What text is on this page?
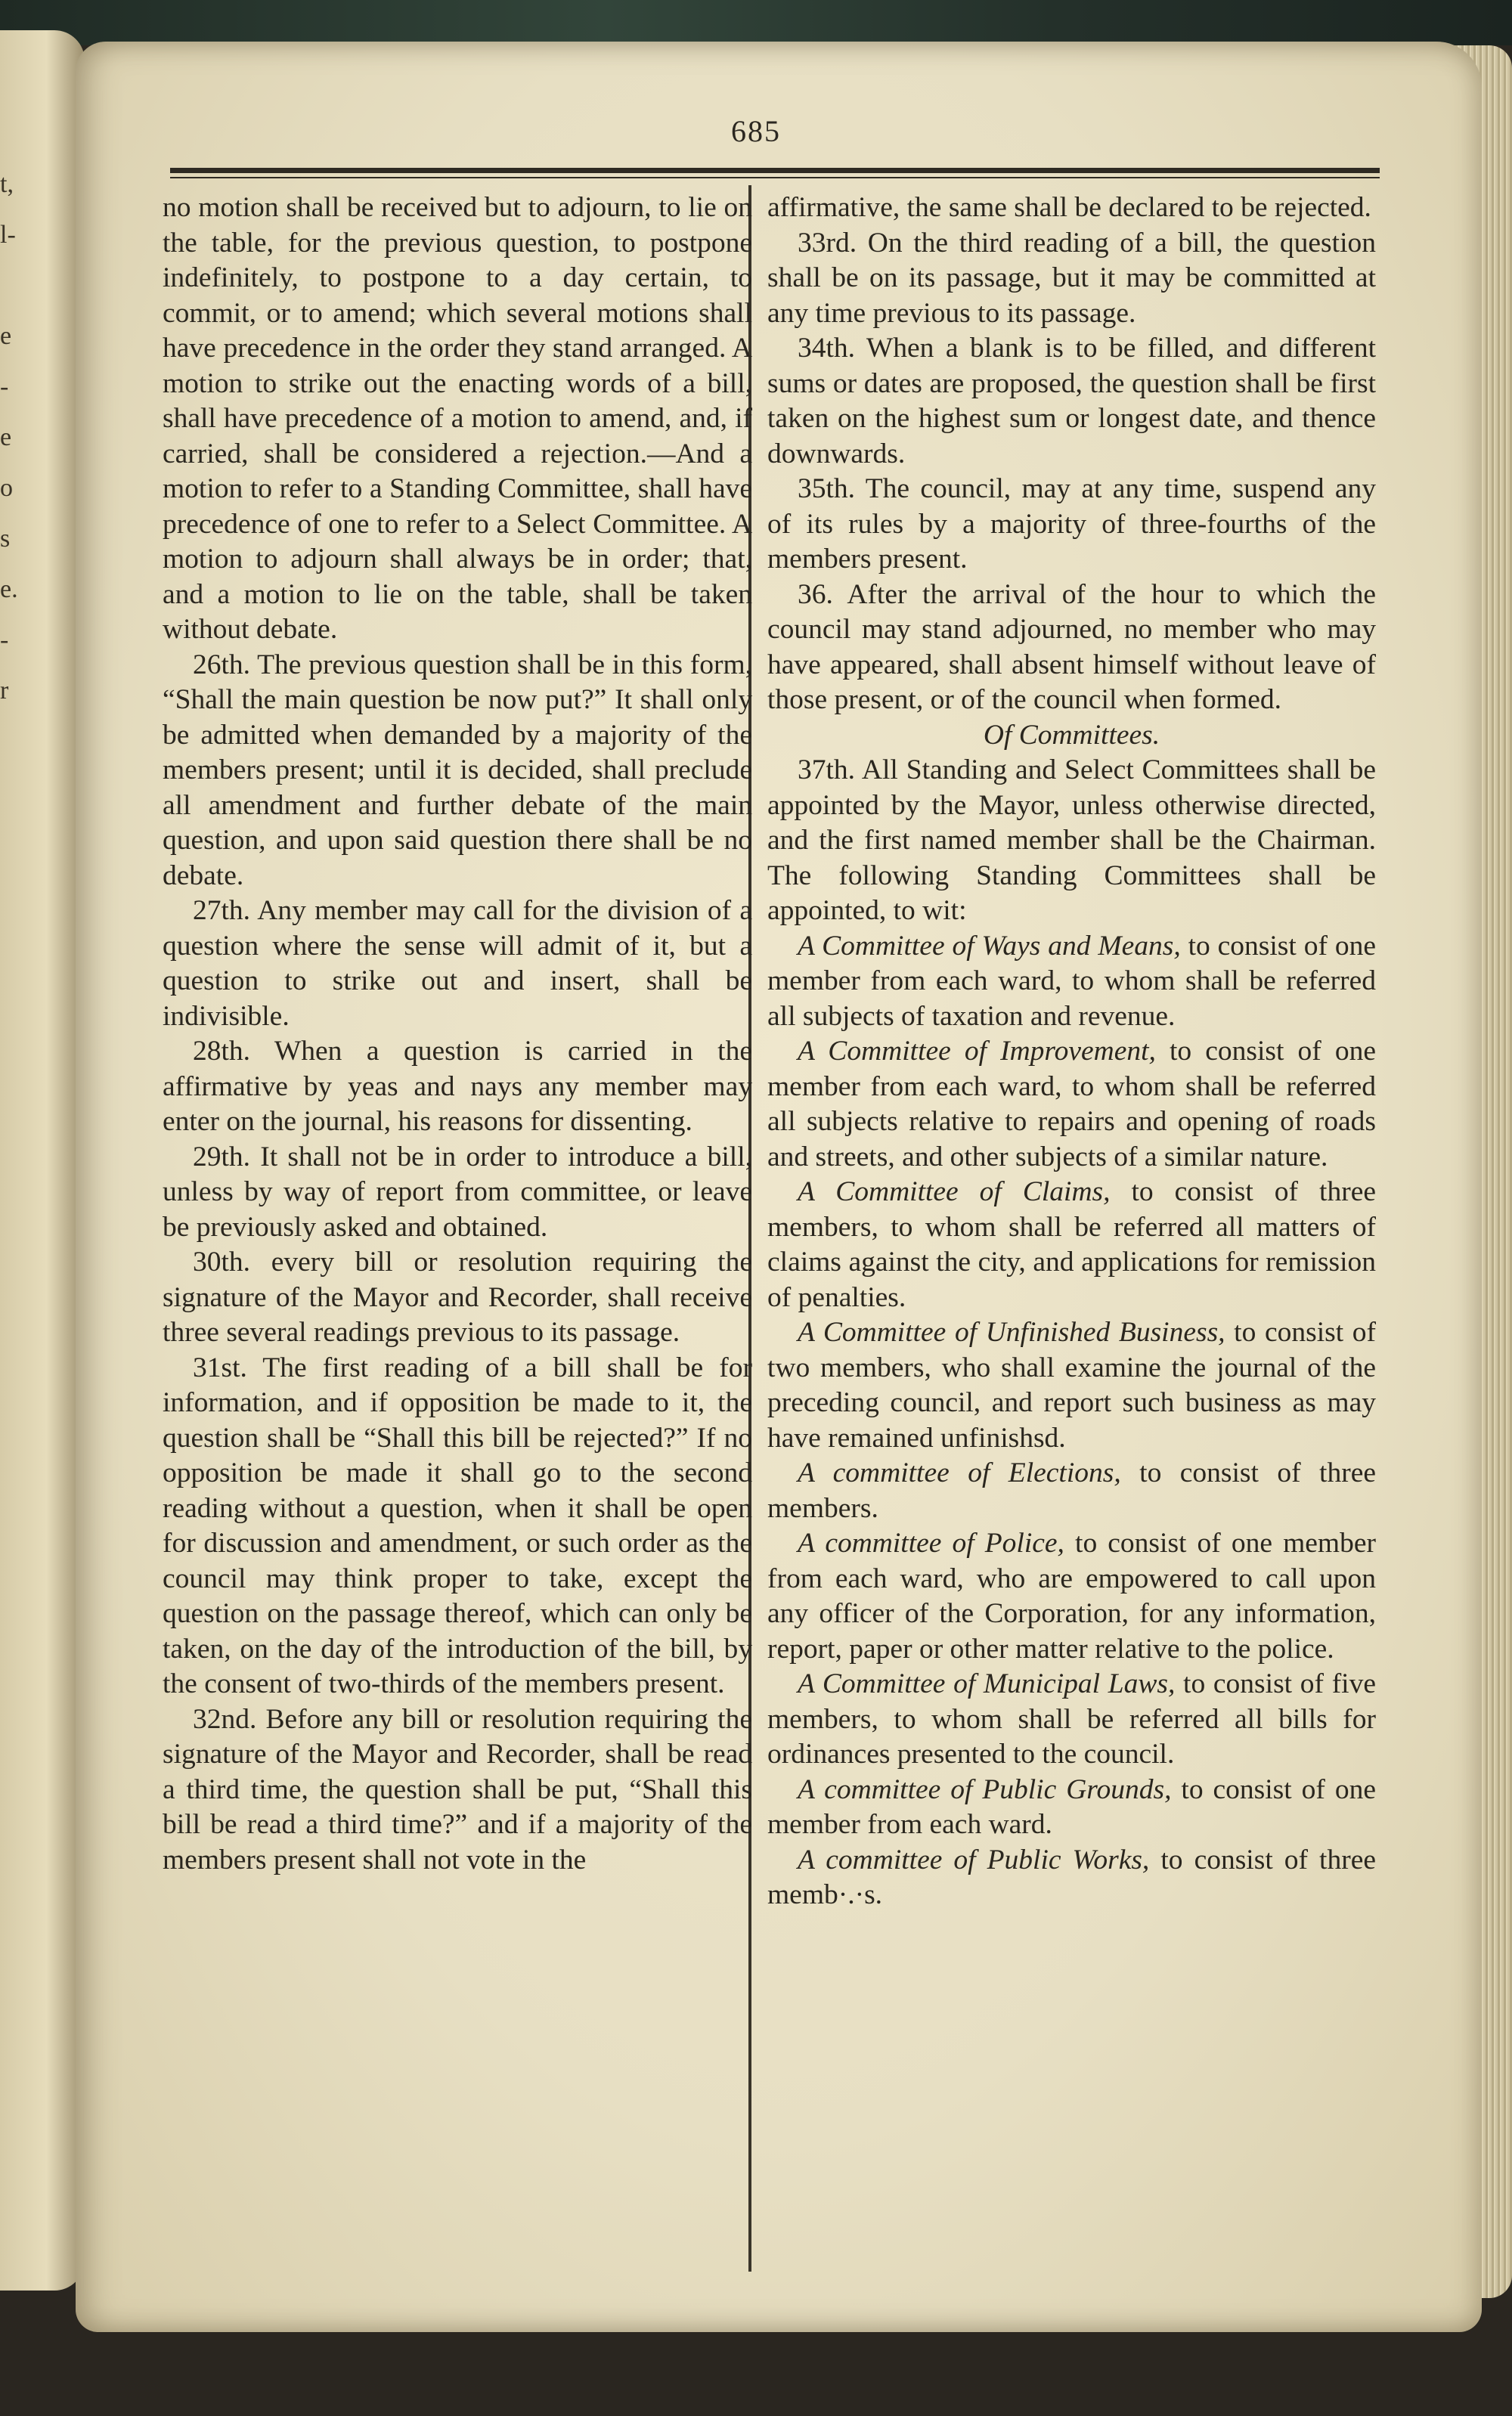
t,
l-
e
-
e
o
s
e.
-
r
685

no motion shall be received but to adjourn, to lie on the table, for the previous question, to postpone indefinitely, to postpone to a day certain, to commit, or to amend; which several motions shall have precedence in the order they stand arranged. A motion to strike out the enacting words of a bill, shall have precedence of a motion to amend, and, if carried, shall be considered a rejection.—And a motion to refer to a Standing Committee, shall have precedence of one to refer to a Select Committee. A motion to adjourn shall always be in order; that, and a motion to lie on the table, shall be taken without debate.

26th. The previous question shall be in this form, “Shall the main question be now put?” It shall only be admitted when demanded by a majority of the members present; until it is decided, shall preclude all amendment and further debate of the main question, and upon said question there shall be no debate.

27th. Any member may call for the division of a question where the sense will admit of it, but a question to strike out and insert, shall be indivisible.

28th. When a question is carried in the affirmative by yeas and nays any member may enter on the journal, his reasons for dissenting.

29th. It shall not be in order to introduce a bill, unless by way of report from committee, or leave be previously asked and obtained.

30th. every bill or resolution requiring the signature of the Mayor and Recorder, shall receive three several readings previous to its passage.

31st. The first reading of a bill shall be for information, and if opposition be made to it, the question shall be “Shall this bill be rejected?” If no opposition be made it shall go to the second reading without a question, when it shall be open for discussion and amendment, or such order as the council may think proper to take, except the question on the passage thereof, which can only be taken, on the day of the introduction of the bill, by the consent of two-thirds of the members present.

32nd. Before any bill or resolution requiring the signature of the Mayor and Recorder, shall be read a third time, the question shall be put, “Shall this bill be read a third time?” and if a majority of the members present shall not vote in the

affirmative, the same shall be declared to be rejected.

33rd. On the third reading of a bill, the question shall be on its passage, but it may be committed at any time previous to its passage.

34th. When a blank is to be filled, and different sums or dates are proposed, the question shall be first taken on the highest sum or longest date, and thence downwards.

35th. The council, may at any time, suspend any of its rules by a majority of three-fourths of the members present.

36. After the arrival of the hour to which the council may stand adjourned, no member who may have appeared, shall absent himself without leave of those present, or of the council when formed.

Of Committees.

37th. All Standing and Select Committees shall be appointed by the Mayor, unless otherwise directed, and the first named member shall be the Chairman. The following Standing Committees shall be appointed, to wit:

A Committee of Ways and Means, to consist of one member from each ward, to whom shall be referred all subjects of taxation and revenue.

A Committee of Improvement, to consist of one member from each ward, to whom shall be referred all subjects relative to repairs and opening of roads and streets, and other subjects of a similar nature.

A Committee of Claims, to consist of three members, to whom shall be referred all matters of claims against the city, and applications for remission of penalties.

A Committee of Unfinished Business, to consist of two members, who shall examine the journal of the preceding council, and report such business as may have remained unfinishsd.

A committee of Elections, to consist of three members.

A committee of Police, to consist of one member from each ward, who are empowered to call upon any officer of the Corporation, for any information, report, paper or other matter relative to the police.

A Committee of Municipal Laws, to consist of five members, to whom shall be referred all bills for ordinances presented to the council.

A committee of Public Grounds, to consist of one member from each ward.

A committee of Public Works, to consist of three memb·.·s.
